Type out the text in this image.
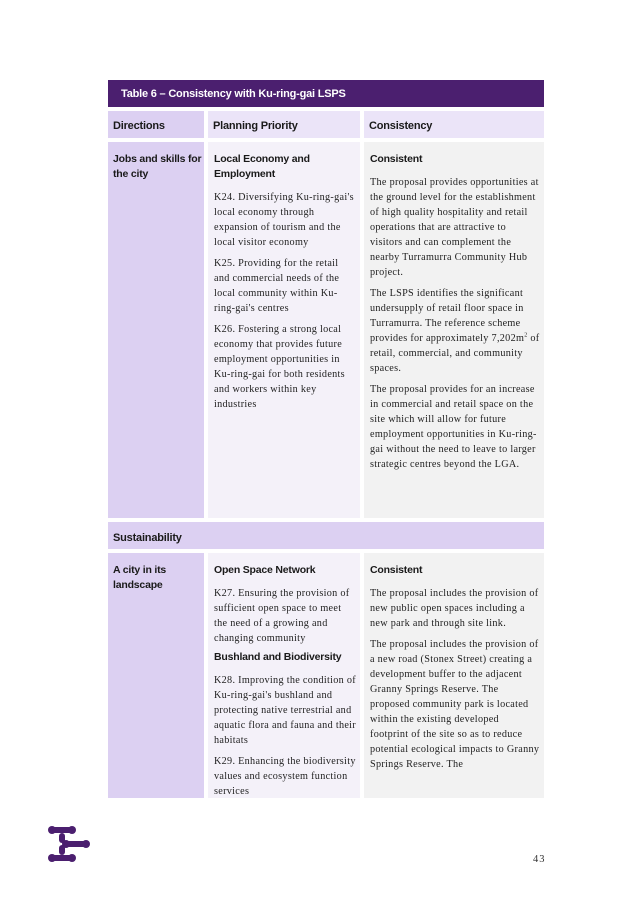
Table 6 – Consistency with Ku-ring-gai LSPS
Directions	Planning Priority	Consistency
Jobs and skills for the city

Local Economy and Employment

K24. Diversifying Ku-ring-gai's local economy through expansion of tourism and the local visitor economy

K25. Providing for the retail and commercial needs of the local community within Ku-ring-gai's centres

K26. Fostering a strong local economy that provides future employment opportunities in Ku-ring-gai for both residents and workers within key industries

Consistent

The proposal provides opportunities at the ground level for the establishment of high quality hospitality and retail operations that are attractive to visitors and can complement the nearby Turramurra Community Hub project.

The LSPS identifies the significant undersupply of retail floor space in Turramurra. The reference scheme provides for approximately $7,202m^2$ of retail, commercial, and community spaces.

The proposal provides for an increase in commercial and retail space on the site which will allow for future employment opportunities in Ku-ring-gai without the need to leave to larger strategic centres beyond the LGA.

Sustainability
A city in its landscape

Open Space Network

K27. Ensuring the provision of sufficient open space to meet the need of a growing and changing community

Bushland and Biodiversity

K28. Improving the condition of Ku-ring-gai's bushland and protecting native terrestrial and aquatic flora and fauna and their habitats

K29. Enhancing the biodiversity values and ecosystem function services

Consistent

The proposal includes the provision of new public open spaces including a new park and through site link.

The proposal includes the provision of a new road (Stonex Street) creating a development buffer to the adjacent Granny Springs Reserve. The proposed community park is located within the existing developed footprint of the site so as to reduce potential ecological impacts to Granny Springs Reserve. The

43
